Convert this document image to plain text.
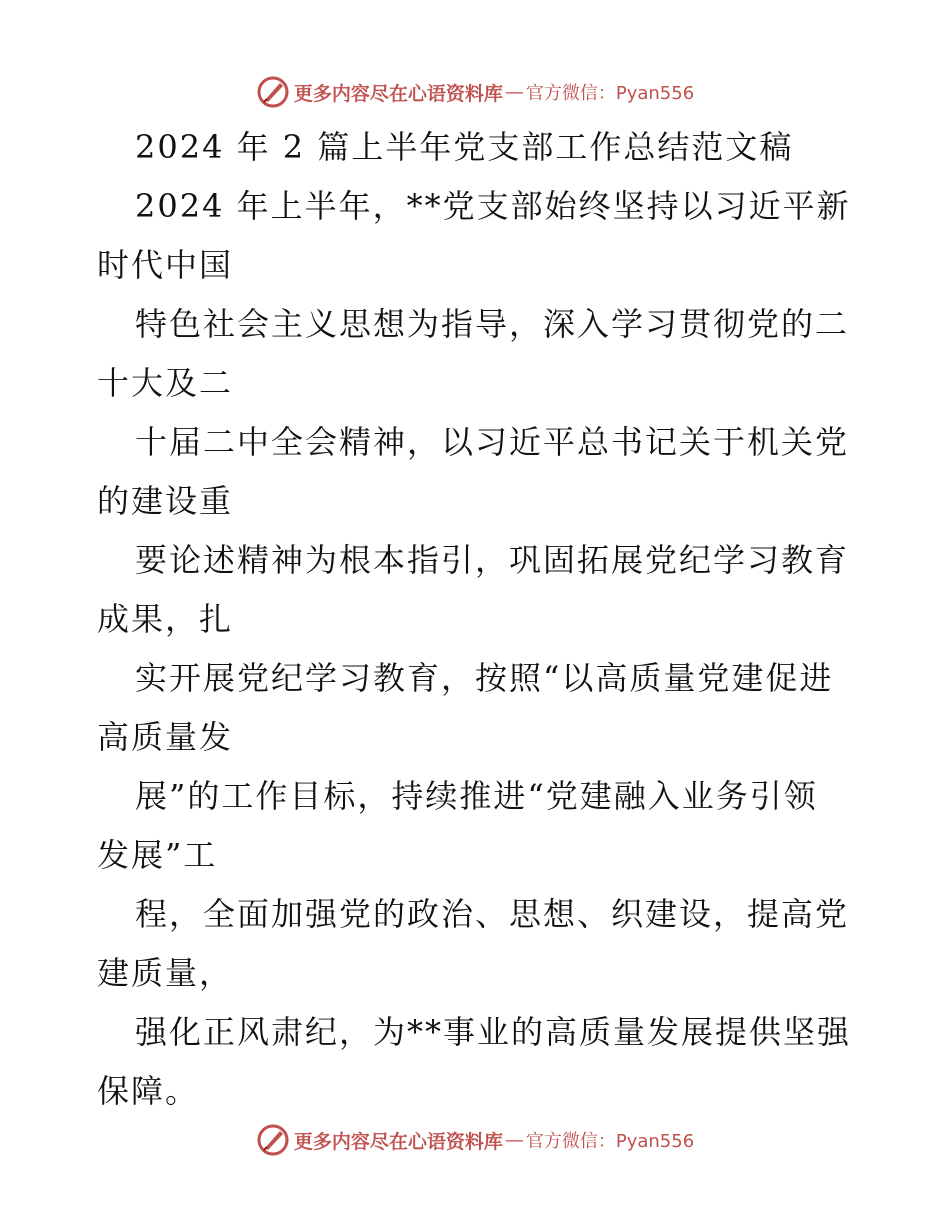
更多内容尽在心语资料库 — 官方微信：Pyan556
2024 年 2 篇上半年党支部工作总结范文稿
2024 年上半年，**党支部始终坚持以习近平新
时代中国
特色社会主义思想为指导，深入学习贯彻党的二
十大及二
十届二中全会精神，以习近平总书记关于机关党
的建设重
要论述精神为根本指引，巩固拓展党纪学习教育
成果，扎
实开展党纪学习教育，按照“以高质量党建促进
高质量发
展”的工作目标，持续推进“党建融入业务引领
发展”工
程，全面加强党的政治、思想、织建设，提高党
建质量，
强化正风肃纪，为**事业的高质量发展提供坚强
保障。
更多内容尽在心语资料库 — 官方微信：Pyan556
